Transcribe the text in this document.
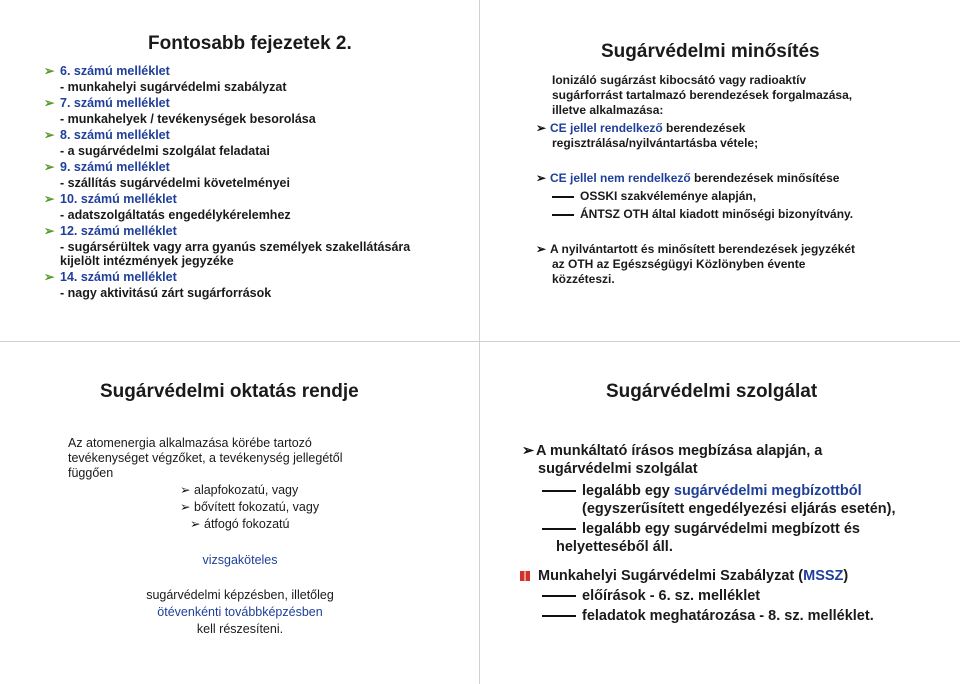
Fontosabb fejezetek 2.
➢ 6. számú melléklet
- munkahelyi sugárvédelmi szabályzat
➢ 7. számú melléklet
- munkahelyek / tevékenységek besorolása
➢ 8. számú melléklet
- a sugárvédelmi szolgálat feladatai
➢ 9. számú melléklet
- szállítás sugárvédelmi követelményei
➢ 10. számú melléklet
- adatszolgáltatás engedélykérelemhez
➢ 12. számú melléklet
- sugársérültek vagy arra gyanús személyek szakellátására
kijelölt intézmények jegyzéke
➢ 14. számú melléklet
- nagy aktivitású zárt sugárforrások
Sugárvédelmi minősítés
Ionizáló sugárzást kibocsátó vagy radioaktív
sugárforrást tartalmazó berendezések forgalmazása,
illetve alkalmazása:
➢ CE jellel rendelkező berendezések
regisztrálása/nyilvántartásba vétele;
➢ CE jellel nem rendelkező berendezések minősítése
OSSKI szakvéleménye alapján,
ÁNTSZ OTH által kiadott minőségi bizonyítvány.
➢ A nyilvántartott és minősített berendezések jegyzékét
az OTH az Egészségügyi Közlönyben évente
közzéteszi.
Sugárvédelmi oktatás rendje
Az atomenergia alkalmazása körébe tartozó
tevékenységet végzőket, a tevékenység jellegétől
függően
➢ alapfokozatú, vagy
➢ bővített fokozatú, vagy
➢ átfogó fokozatú
vizsgaköteles
sugárvédelmi képzésben, illetőleg
ötévenkénti továbbképzésben
kell részesíteni.
Sugárvédelmi szolgálat
➢ A munkáltató írásos megbízása alapján, a
sugárvédelmi szolgálat
legalább egy sugárvédelmi megbízottból
(egyszerűsített engedélyezési eljárás esetén),
legalább egy sugárvédelmi megbízott és
helyetteséből áll.
Munkahelyi Sugárvédelmi Szabályzat (MSSZ)
előírások - 6. sz. melléklet
feladatok meghatározása - 8. sz. melléklet.
